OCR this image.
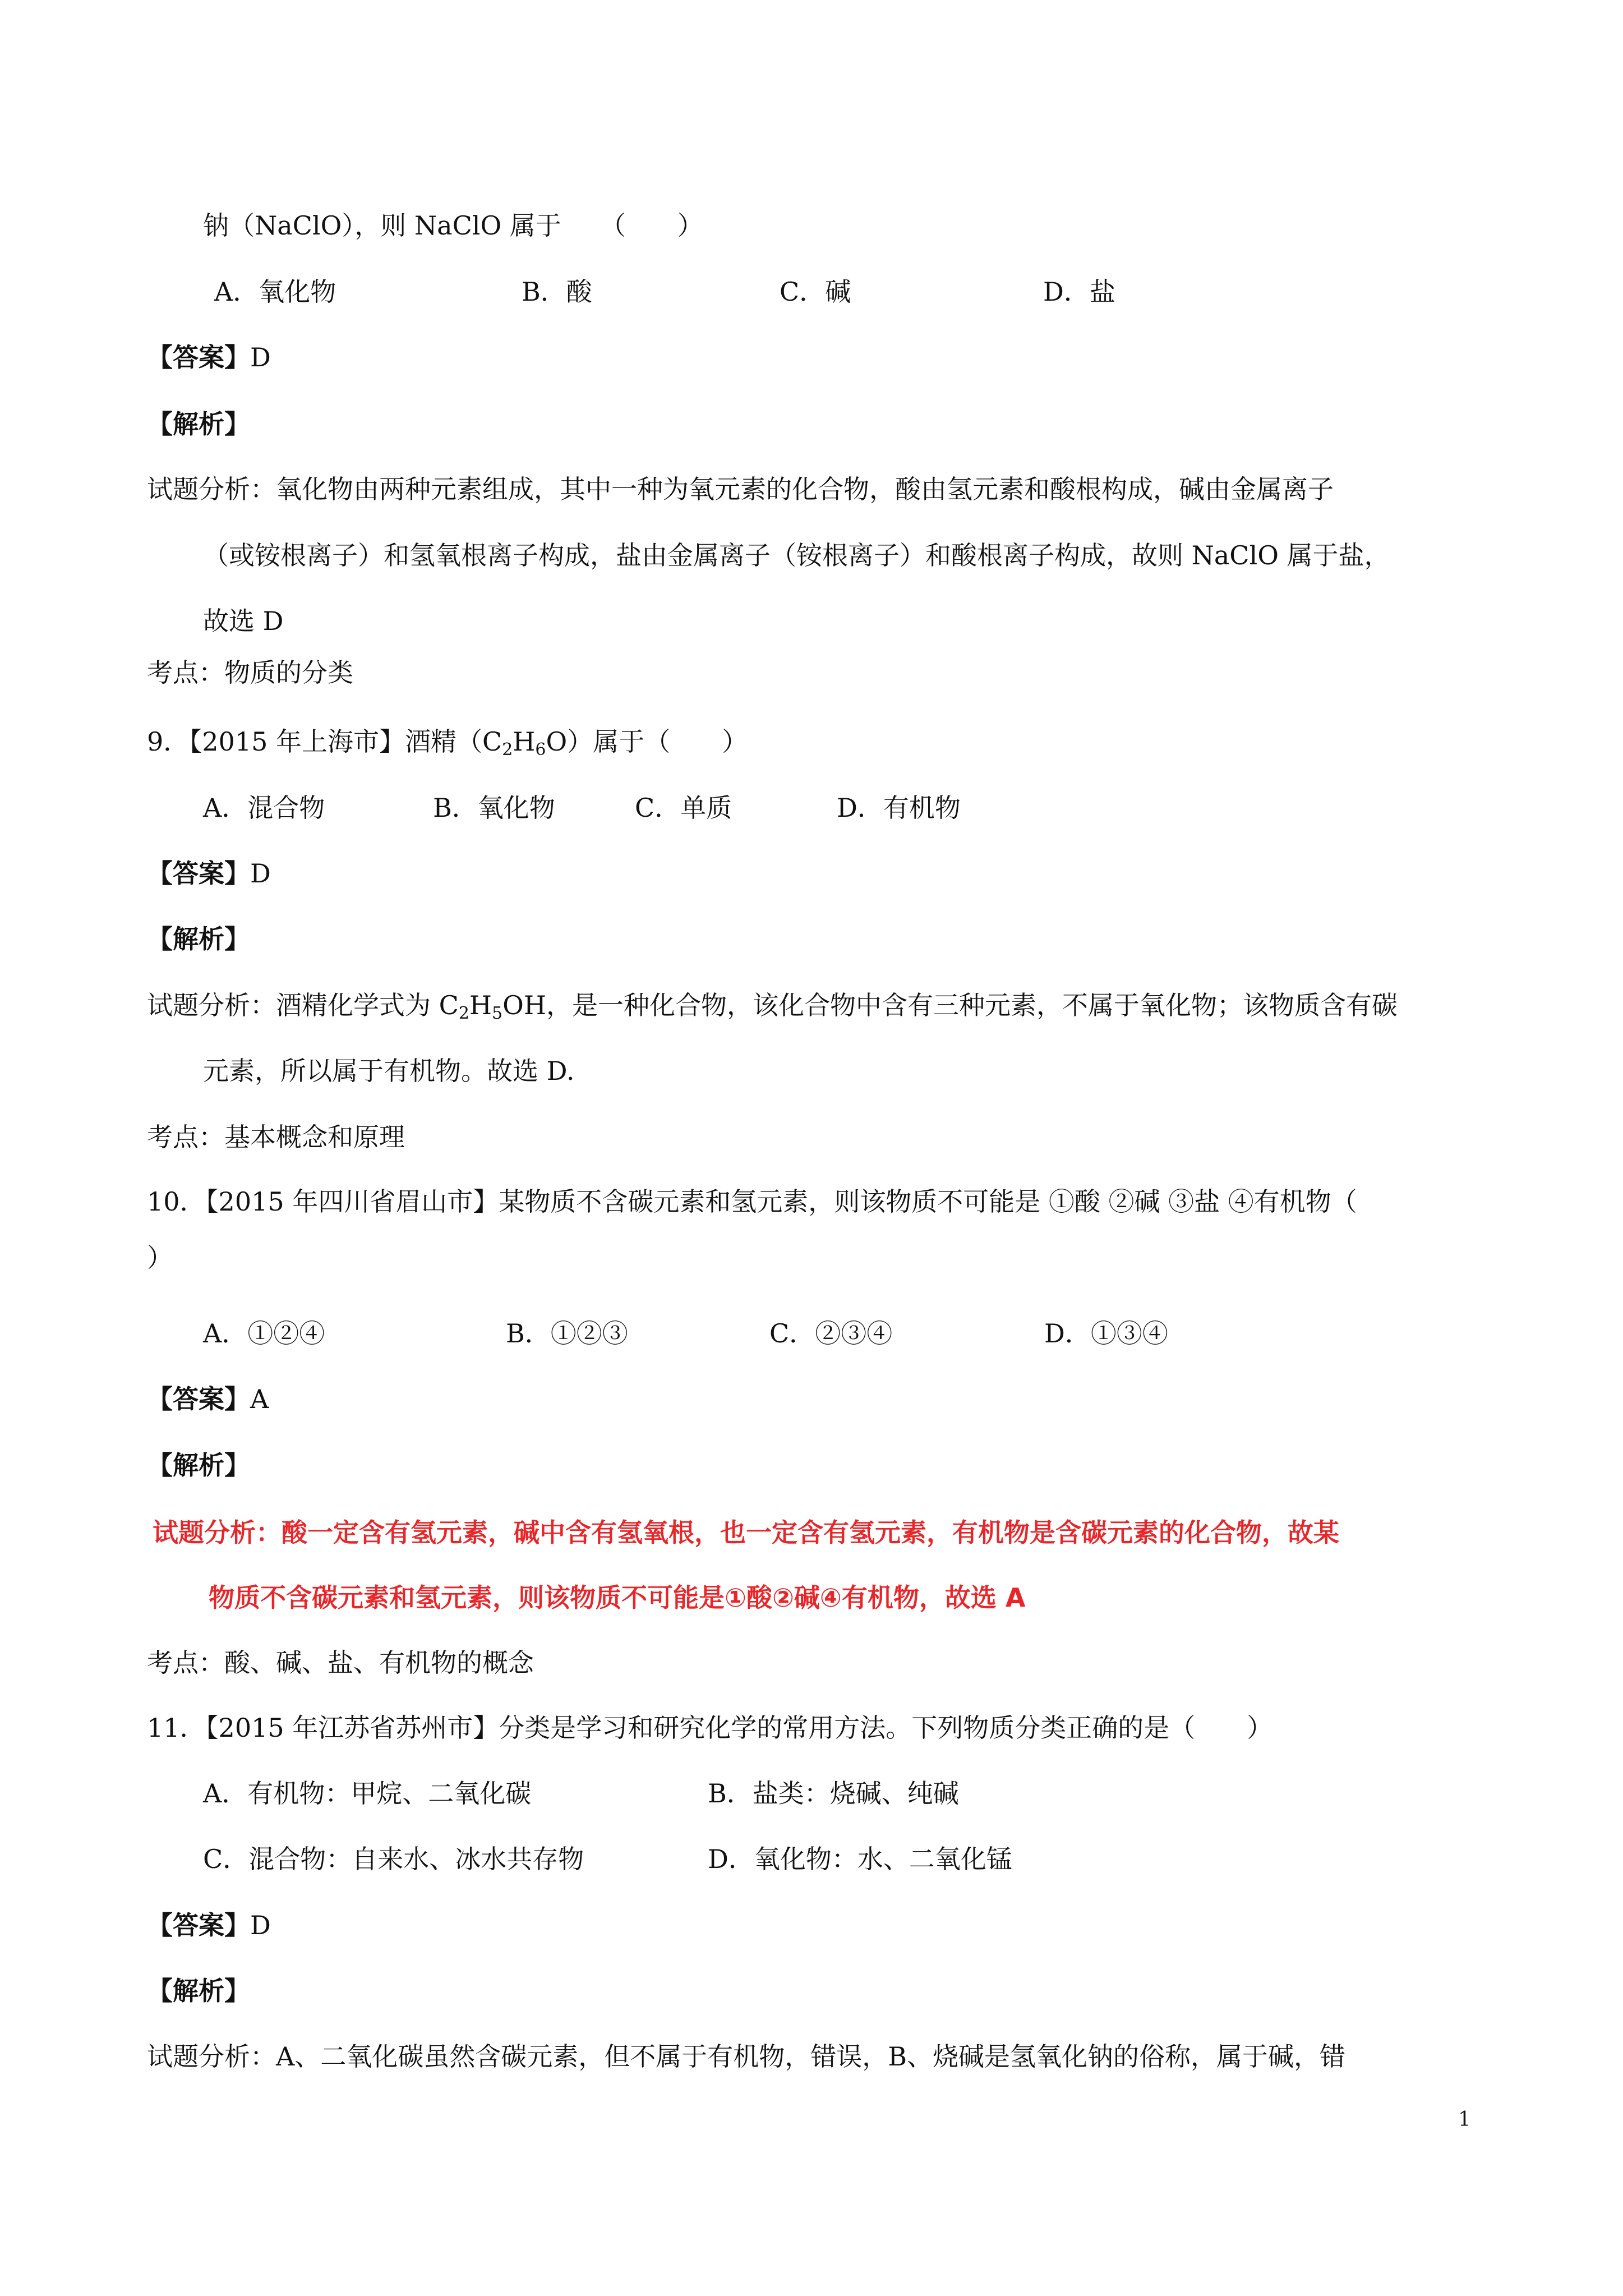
钠（NaClO），则 NaClO 属于　　（　　）
A．氧化物	B．酸	C．碱	D．盐
【答案】D
【解析】
试题分析：氧化物由两种元素组成，其中一种为氧元素的化合物，酸由氢元素和酸根构成，碱由金属离子
（或铵根离子）和氢氧根离子构成，盐由金属离子（铵根离子）和酸根离子构成，故则 NaClO 属于盐，
故选 D
考点：物质的分类
9．【2015 年上海市】酒精$(C_2H_6O)$属于（　　）
A．混合物	B．氧化物	C．单质	D．有机物
【答案】D
【解析】
试题分析：酒精化学式为 $C_2H_5OH$，是一种化合物，该化合物中含有三种元素，不属于氧化物；该物质含有碳
元素，所以属于有机物。故选 D.
考点：基本概念和原理
10．【2015 年四川省眉山市】某物质不含碳元素和氢元素，则该物质不可能是 ①酸 ②碱 ③盐 ④有机物（
）
A．①②④	B．①②③	C．②③④	D．①③④
【答案】A
【解析】
试题分析：酸一定含有氢元素，碱中含有氢氧根，也一定含有氢元素，有机物是含碳元素的化合物，故某
物质不含碳元素和氢元素，则该物质不可能是①酸②碱④有机物，故选 A
考点：酸、碱、盐、有机物的概念
11．【2015 年江苏省苏州市】分类是学习和研究化学的常用方法。下列物质分类正确的是（　　）
A．有机物：甲烷、二氧化碳	B．盐类：烧碱、纯碱
C．混合物：自来水、冰水共存物	D．氧化物：水、二氧化锰
【答案】D
【解析】
试题分析：A、二氧化碳虽然含碳元素，但不属于有机物，错误，B、烧碱是氢氧化钠的俗称，属于碱，错
1
